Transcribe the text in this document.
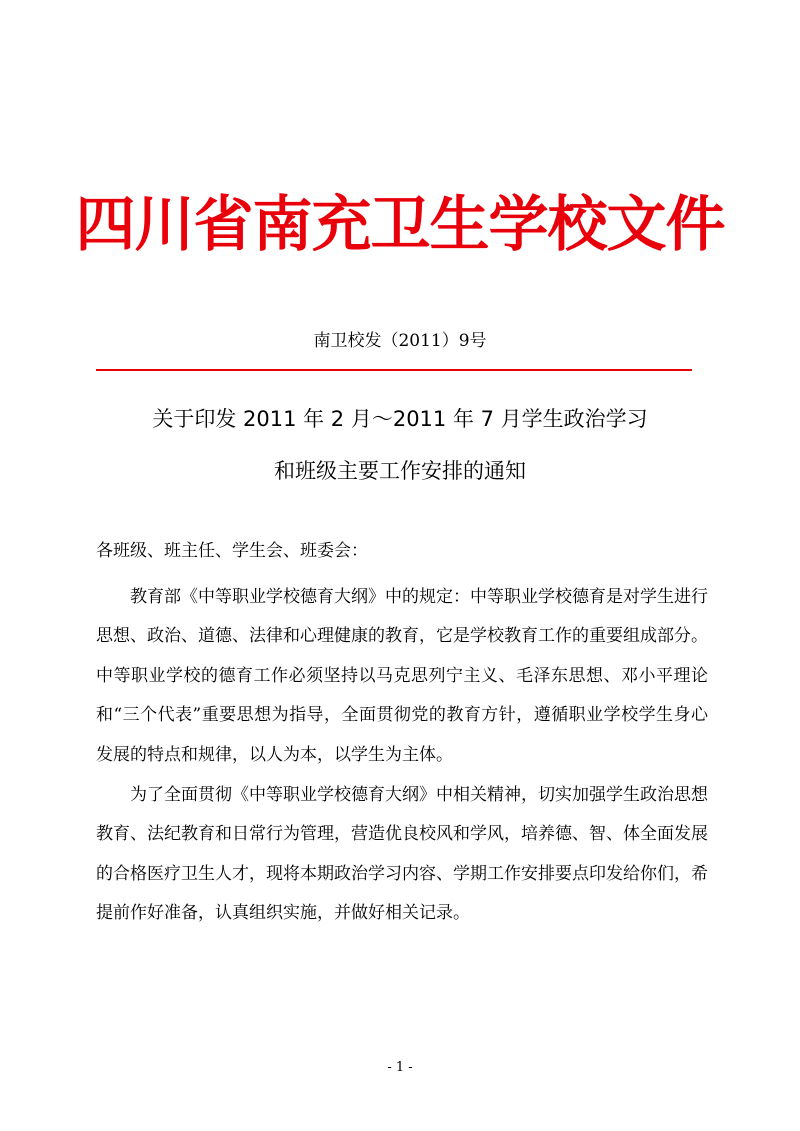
四川省南充卫生学校文件
南卫校发（2011）9号
关于印发 2011 年 2 月～2011 年 7 月学生政治学习
和班级主要工作安排的通知
各班级、班主任、学生会、班委会：

教育部《中等职业学校德育大纲》中的规定：中等职业学校德育是对学生进行思想、政治、道德、法律和心理健康的教育，它是学校教育工作的重要组成部分。中等职业学校的德育工作必须坚持以马克思列宁主义、毛泽东思想、邓小平理论和“三个代表”重要思想为指导，全面贯彻党的教育方针，遵循职业学校学生身心发展的特点和规律，以人为本，以学生为主体。

为了全面贯彻《中等职业学校德育大纲》中相关精神，切实加强学生政治思想教育、法纪教育和日常行为管理，营造优良校风和学风，培养德、智、体全面发展的合格医疗卫生人才，现将本期政治学习内容、学期工作安排要点印发给你们，希提前作好准备，认真组织实施，并做好相关记录。

- 1 -
